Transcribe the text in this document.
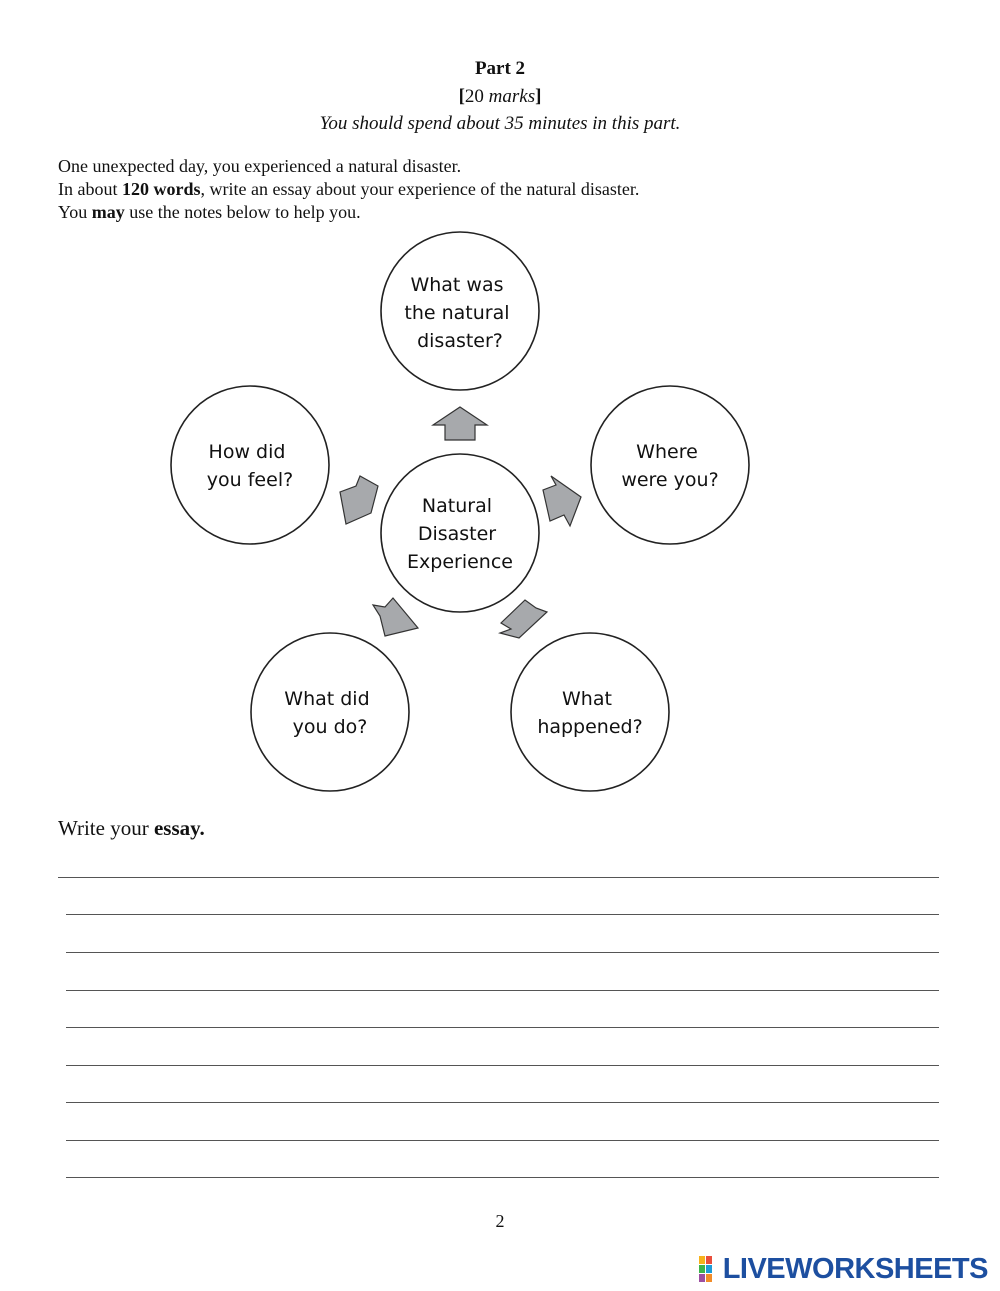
Part 2
[20 marks]
You should spend about 35 minutes in this part.
One unexpected day, you experienced a natural disaster.
In about 120 words, write an essay about your experience of the natural disaster.
You may use the notes below to help you.
Natural Disaster Experience
What was the natural disaster?
Where were you?
What happened?
What did you do?
How did you feel?
Write your essay.
2
LIVEWORKSHEETS
